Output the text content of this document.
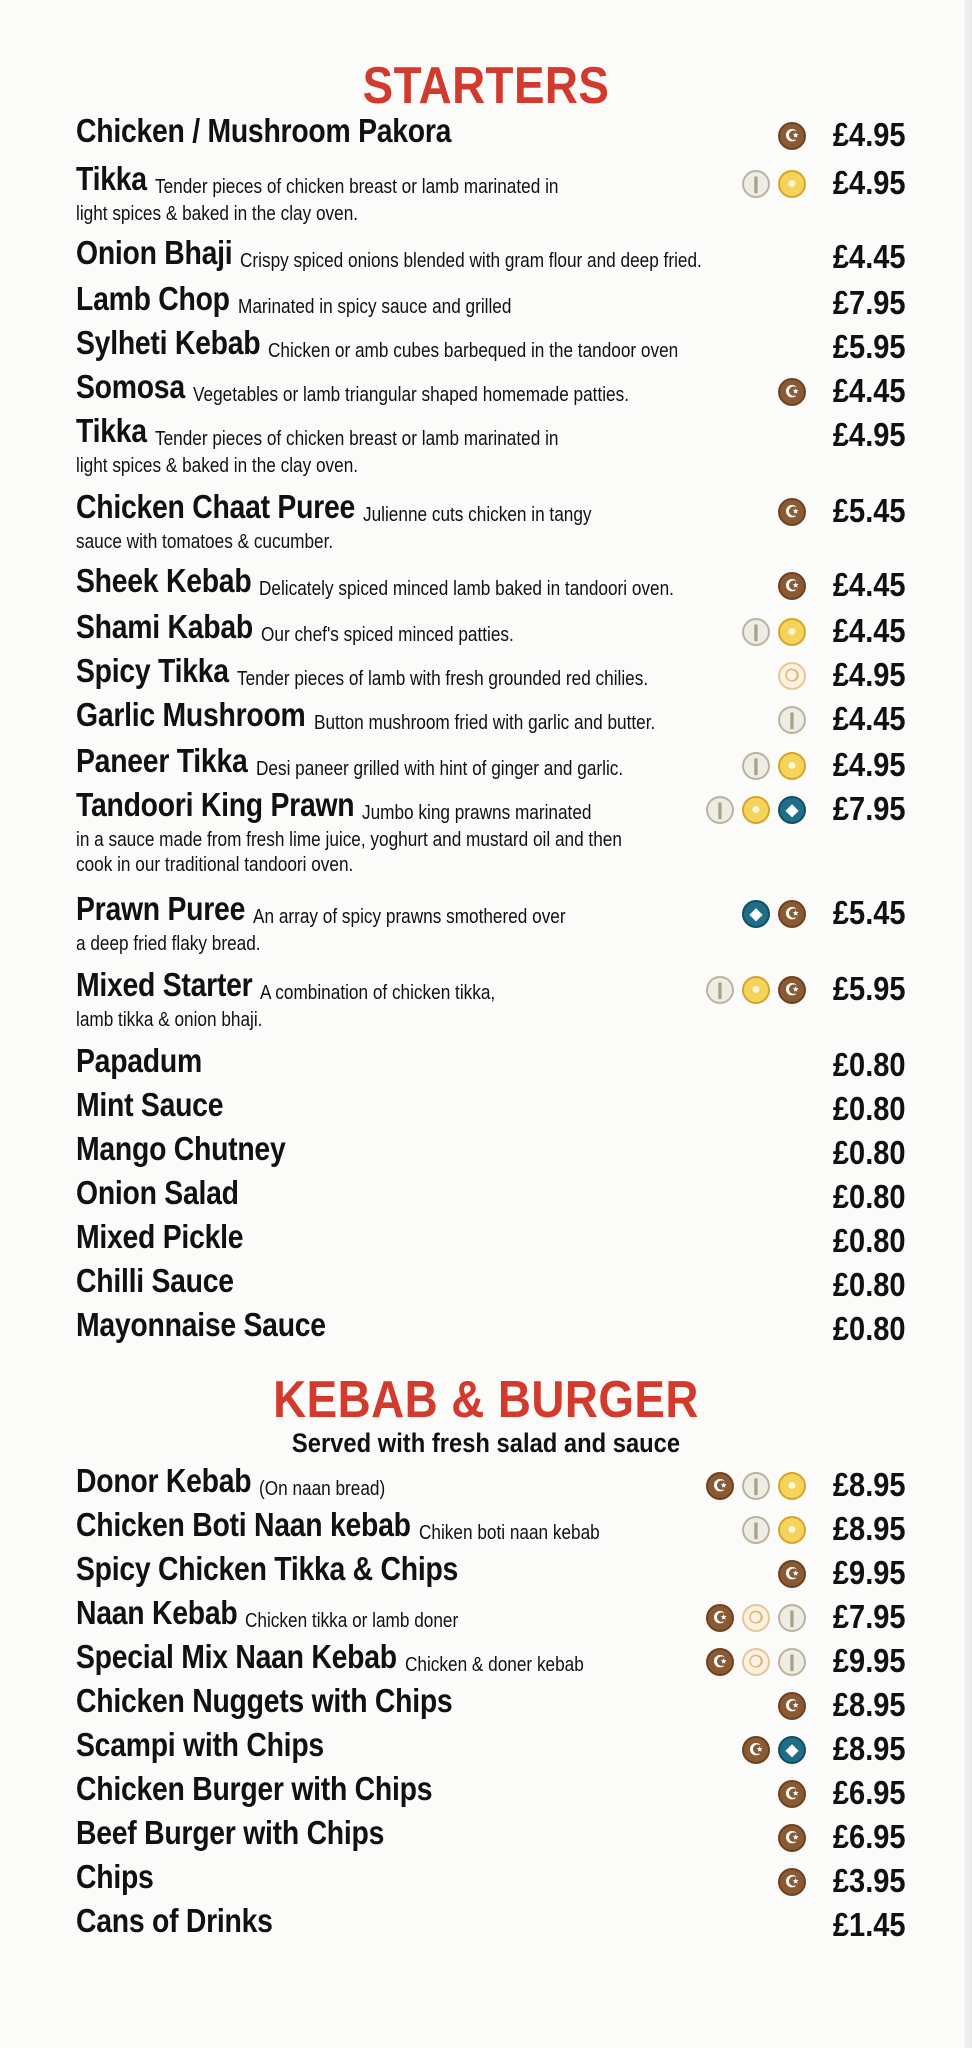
STARTERS
Chicken / Mushroom Pakora	£4.95
☪
Tikka	£4.95
Tender pieces of chicken breast or lamb marinated in	❙	●
light spices & baked in the clay oven.
Onion Bhaji	£4.45
Crispy spiced onions blended with gram flour and deep fried.
Lamb Chop	£7.95
Marinated in spicy sauce and grilled
Sylheti Kebab	£5.95
Chicken or amb cubes barbequed in the tandoor oven
Somosa	£4.45
Vegetables or lamb triangular shaped homemade patties.	☪
Tikka	£4.95
Tender pieces of chicken breast or lamb marinated in
light spices & baked in the clay oven.
Chicken Chaat Puree	£5.45
Julienne cuts chicken in tangy	☪
sauce with tomatoes & cucumber.
Sheek Kebab	£4.45
Delicately spiced minced lamb baked in tandoori oven.	☪
Shami Kabab	£4.45
Our chef's spiced minced patties.	❙	●
Spicy Tikka	£4.95
Tender pieces of lamb with fresh grounded red chilies.	❍
Garlic Mushroom	£4.45
Button mushroom fried with garlic and butter.	❙
Paneer Tikka	£4.95
Desi paneer grilled with hint of ginger and garlic.	❙	●
Tandoori King Prawn	£7.95
Jumbo king prawns marinated	❙	●	◆
in a sauce made from fresh lime juice, yoghurt and mustard oil and then
cook in our traditional tandoori oven.
Prawn Puree	£5.45
An array of spicy prawns smothered over	◆	☪
a deep fried flaky bread.
Mixed Starter	£5.95
A combination of chicken tikka,	❙	●	☪
lamb tikka & onion bhaji.
Papadum	£0.80
Mint Sauce	£0.80
Mango Chutney	£0.80
Onion Salad	£0.80
Mixed Pickle	£0.80
Chilli Sauce	£0.80
Mayonnaise Sauce	£0.80
KEBAB & BURGER
Served with fresh salad and sauce
Donor Kebab	£8.95
(On naan bread)	☪	❙	●
Chicken Boti Naan kebab	£8.95
Chiken boti naan kebab	❙	●
Spicy Chicken Tikka & Chips	£9.95
☪
Naan Kebab	£7.95
Chicken tikka or lamb doner	☪	❍	❙
Special Mix Naan Kebab	£9.95
Chicken & doner kebab	☪	❍	❙
Chicken Nuggets with Chips	£8.95
☪
Scampi with Chips	£8.95
☪	◆
Chicken Burger with Chips	£6.95
☪
Beef Burger with Chips	£6.95
☪
Chips	£3.95
☪
Cans of Drinks	£1.45
